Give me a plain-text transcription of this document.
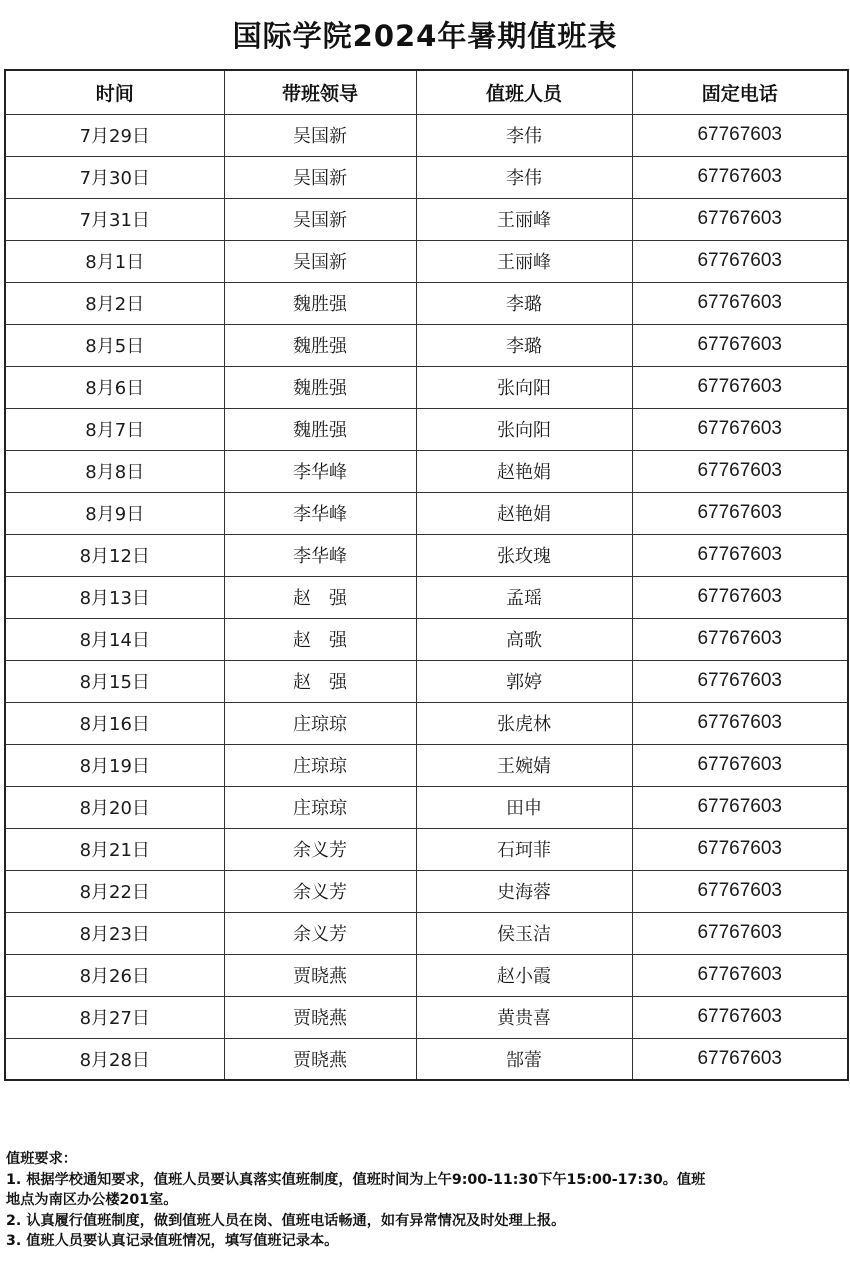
国际学院2024年暑期值班表
时间	带班领导	值班人员	固定电话
7月29日	吴国新	李伟	67767603
7月30日	吴国新	李伟	67767603
7月31日	吴国新	王丽峰	67767603
8月1日	吴国新	王丽峰	67767603
8月2日	魏胜强	李璐	67767603
8月5日	魏胜强	李璐	67767603
8月6日	魏胜强	张向阳	67767603
8月7日	魏胜强	张向阳	67767603
8月8日	李华峰	赵艳娟	67767603
8月9日	李华峰	赵艳娟	67767603
8月12日	李华峰	张玫瑰	67767603
8月13日	赵　强	孟瑶	67767603
8月14日	赵　强	高歌	67767603
8月15日	赵　强	郭婷	67767603
8月16日	庄琼琼	张虎林	67767603
8月19日	庄琼琼	王婉婧	67767603
8月20日	庄琼琼	田申	67767603
8月21日	余义芳	石珂菲	67767603
8月22日	余义芳	史海蓉	67767603
8月23日	余义芳	侯玉洁	67767603
8月26日	贾晓燕	赵小霞	67767603
8月27日	贾晓燕	黄贵喜	67767603
8月28日	贾晓燕	郜蕾	67767603
值班要求：
1. 根据学校通知要求，值班人员要认真落实值班制度，值班时间为上午9:00-11:30下午15:00-17:30。值班
地点为南区办公楼201室。
2. 认真履行值班制度，做到值班人员在岗、值班电话畅通，如有异常情况及时处理上报。
3. 值班人员要认真记录值班情况，填写值班记录本。
